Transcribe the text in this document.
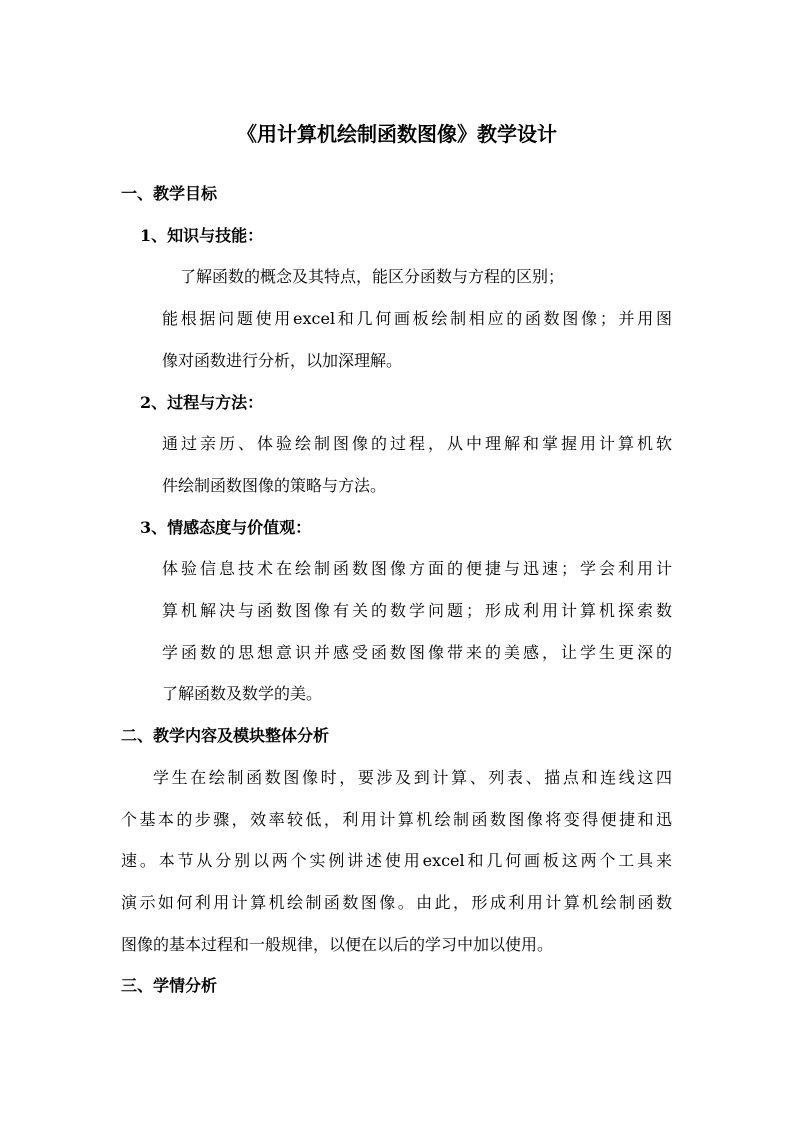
《用计算机绘制函数图像》教学设计
一、教学目标
1、知识与技能：
了解函数的概念及其特点，能区分函数与方程的区别；
能根据问题使用excel和几何画板绘制相应的函数图像；并用图
像对函数进行分析，以加深理解。
2、过程与方法：
通过亲历、体验绘制图像的过程，从中理解和掌握用计算机软
件绘制函数图像的策略与方法。
3、情感态度与价值观：
体验信息技术在绘制函数图像方面的便捷与迅速；学会利用计
算机解决与函数图像有关的数学问题；形成利用计算机探索数
学函数的思想意识并感受函数图像带来的美感，让学生更深的
了解函数及数学的美。
二、教学内容及模块整体分析
学生在绘制函数图像时，要涉及到计算、列表、描点和连线这四
个基本的步骤，效率较低，利用计算机绘制函数图像将变得便捷和迅
速。本节从分别以两个实例讲述使用excel和几何画板这两个工具来
演示如何利用计算机绘制函数图像。由此，形成利用计算机绘制函数
图像的基本过程和一般规律，以便在以后的学习中加以使用。
三、学情分析
